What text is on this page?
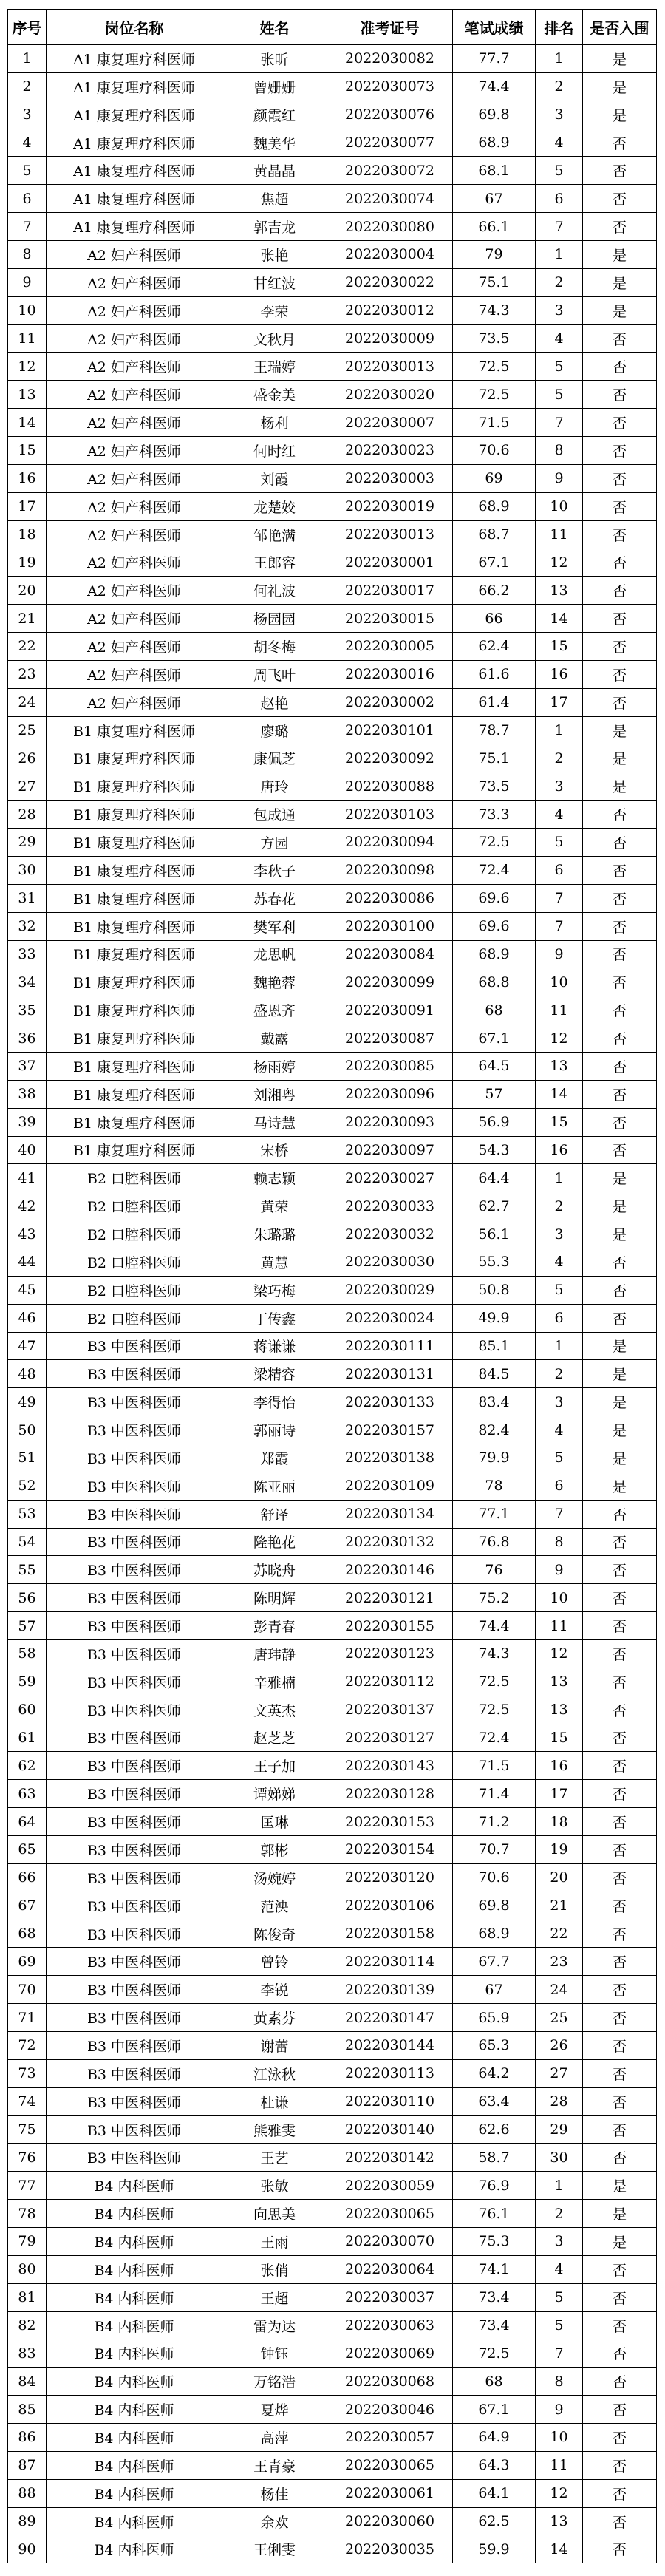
序号	岗位名称	姓名	准考证号	笔试成绩	排名	是否入围
1	A1 康复理疗科医师	张昕	2022030082	77.7	1	是
2	A1 康复理疗科医师	曾姗姗	2022030073	74.4	2	是
3	A1 康复理疗科医师	颜霞红	2022030076	69.8	3	是
4	A1 康复理疗科医师	魏美华	2022030077	68.9	4	否
5	A1 康复理疗科医师	黄晶晶	2022030072	68.1	5	否
6	A1 康复理疗科医师	焦超	2022030074	67	6	否
7	A1 康复理疗科医师	郭吉龙	2022030080	66.1	7	否
8	A2 妇产科医师	张艳	2022030004	79	1	是
9	A2 妇产科医师	甘红波	2022030022	75.1	2	是
10	A2 妇产科医师	李荣	2022030012	74.3	3	是
11	A2 妇产科医师	文秋月	2022030009	73.5	4	否
12	A2 妇产科医师	王瑞婷	2022030013	72.5	5	否
13	A2 妇产科医师	盛金美	2022030020	72.5	5	否
14	A2 妇产科医师	杨利	2022030007	71.5	7	否
15	A2 妇产科医师	何时红	2022030023	70.6	8	否
16	A2 妇产科医师	刘霞	2022030003	69	9	否
17	A2 妇产科医师	龙楚姣	2022030019	68.9	10	否
18	A2 妇产科医师	邹艳满	2022030013	68.7	11	否
19	A2 妇产科医师	王郎容	2022030001	67.1	12	否
20	A2 妇产科医师	何礼波	2022030017	66.2	13	否
21	A2 妇产科医师	杨园园	2022030015	66	14	否
22	A2 妇产科医师	胡冬梅	2022030005	62.4	15	否
23	A2 妇产科医师	周飞叶	2022030016	61.6	16	否
24	A2 妇产科医师	赵艳	2022030002	61.4	17	否
25	B1 康复理疗科医师	廖璐	2022030101	78.7	1	是
26	B1 康复理疗科医师	康佩芝	2022030092	75.1	2	是
27	B1 康复理疗科医师	唐玲	2022030088	73.5	3	是
28	B1 康复理疗科医师	包成通	2022030103	73.3	4	否
29	B1 康复理疗科医师	方园	2022030094	72.5	5	否
30	B1 康复理疗科医师	李秋子	2022030098	72.4	6	否
31	B1 康复理疗科医师	苏春花	2022030086	69.6	7	否
32	B1 康复理疗科医师	樊军利	2022030100	69.6	7	否
33	B1 康复理疗科医师	龙思帆	2022030084	68.9	9	否
34	B1 康复理疗科医师	魏艳蓉	2022030099	68.8	10	否
35	B1 康复理疗科医师	盛恩齐	2022030091	68	11	否
36	B1 康复理疗科医师	戴露	2022030087	67.1	12	否
37	B1 康复理疗科医师	杨雨婷	2022030085	64.5	13	否
38	B1 康复理疗科医师	刘湘粤	2022030096	57	14	否
39	B1 康复理疗科医师	马诗慧	2022030093	56.9	15	否
40	B1 康复理疗科医师	宋桥	2022030097	54.3	16	否
41	B2 口腔科医师	赖志颖	2022030027	64.4	1	是
42	B2 口腔科医师	黄荣	2022030033	62.7	2	是
43	B2 口腔科医师	朱璐璐	2022030032	56.1	3	是
44	B2 口腔科医师	黄慧	2022030030	55.3	4	否
45	B2 口腔科医师	梁巧梅	2022030029	50.8	5	否
46	B2 口腔科医师	丁传鑫	2022030024	49.9	6	否
47	B3 中医科医师	蒋谦谦	2022030111	85.1	1	是
48	B3 中医科医师	梁精容	2022030131	84.5	2	是
49	B3 中医科医师	李得怡	2022030133	83.4	3	是
50	B3 中医科医师	郭丽诗	2022030157	82.4	4	是
51	B3 中医科医师	郑霞	2022030138	79.9	5	是
52	B3 中医科医师	陈亚丽	2022030109	78	6	是
53	B3 中医科医师	舒译	2022030134	77.1	7	否
54	B3 中医科医师	隆艳花	2022030132	76.8	8	否
55	B3 中医科医师	苏晓舟	2022030146	76	9	否
56	B3 中医科医师	陈明辉	2022030121	75.2	10	否
57	B3 中医科医师	彭青春	2022030155	74.4	11	否
58	B3 中医科医师	唐玮静	2022030123	74.3	12	否
59	B3 中医科医师	辛雅楠	2022030112	72.5	13	否
60	B3 中医科医师	文英杰	2022030137	72.5	13	否
61	B3 中医科医师	赵芝芝	2022030127	72.4	15	否
62	B3 中医科医师	王子加	2022030143	71.5	16	否
63	B3 中医科医师	谭娣娣	2022030128	71.4	17	否
64	B3 中医科医师	匡琳	2022030153	71.2	18	否
65	B3 中医科医师	郭彬	2022030154	70.7	19	否
66	B3 中医科医师	汤婉婷	2022030120	70.6	20	否
67	B3 中医科医师	范泱	2022030106	69.8	21	否
68	B3 中医科医师	陈俊奇	2022030158	68.9	22	否
69	B3 中医科医师	曾铃	2022030114	67.7	23	否
70	B3 中医科医师	李锐	2022030139	67	24	否
71	B3 中医科医师	黄素芬	2022030147	65.9	25	否
72	B3 中医科医师	谢蕾	2022030144	65.3	26	否
73	B3 中医科医师	江泳秋	2022030113	64.2	27	否
74	B3 中医科医师	杜谦	2022030110	63.4	28	否
75	B3 中医科医师	熊雅雯	2022030140	62.6	29	否
76	B3 中医科医师	王艺	2022030142	58.7	30	否
77	B4 内科医师	张敏	2022030059	76.9	1	是
78	B4 内科医师	向思美	2022030065	76.1	2	是
79	B4 内科医师	王雨	2022030070	75.3	3	是
80	B4 内科医师	张俏	2022030064	74.1	4	否
81	B4 内科医师	王超	2022030037	73.4	5	否
82	B4 内科医师	雷为达	2022030063	73.4	5	否
83	B4 内科医师	钟钰	2022030069	72.5	7	否
84	B4 内科医师	万铭浩	2022030068	68	8	否
85	B4 内科医师	夏烨	2022030046	67.1	9	否
86	B4 内科医师	高萍	2022030057	64.9	10	否
87	B4 内科医师	王青豪	2022030065	64.3	11	否
88	B4 内科医师	杨佳	2022030061	64.1	12	否
89	B4 内科医师	余欢	2022030060	62.5	13	否
90	B4 内科医师	王俐雯	2022030035	59.9	14	否
